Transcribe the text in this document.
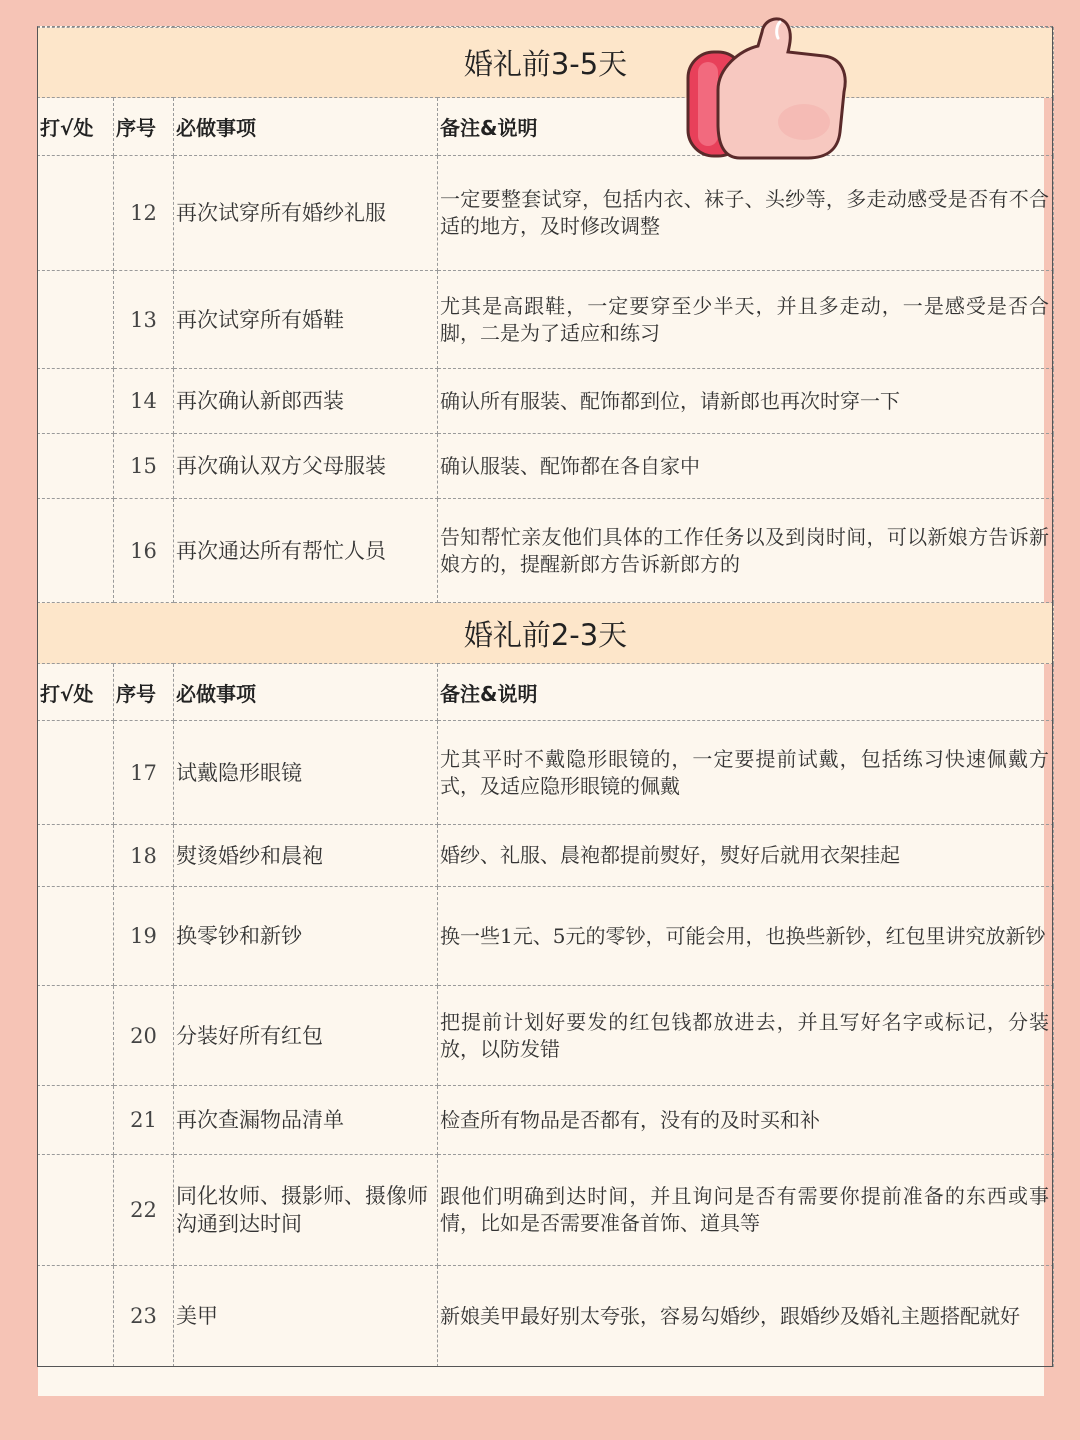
婚礼前3-5天			
打√处	序号	必做事项	备注&说明
	12	再次试穿所有婚纱礼服	一定要整套试穿，包括内衣、袜子、头纱等，多走动感受是否有不合适的地方，及时修改调整
	13	再次试穿所有婚鞋	尤其是高跟鞋，一定要穿至少半天，并且多走动，一是感受是否合脚，二是为了适应和练习
	14	再次确认新郎西装	确认所有服装、配饰都到位，请新郎也再次时穿一下
	15	再次确认双方父母服装	确认服装、配饰都在各自家中
	16	再次通达所有帮忙人员	告知帮忙亲友他们具体的工作任务以及到岗时间，可以新娘方告诉新娘方的，提醒新郎方告诉新郎方的
婚礼前2-3天			
打√处	序号	必做事项	备注&说明
	17	试戴隐形眼镜	尤其平时不戴隐形眼镜的，一定要提前试戴，包括练习快速佩戴方式，及适应隐形眼镜的佩戴
	18	熨烫婚纱和晨袍	婚纱、礼服、晨袍都提前熨好，熨好后就用衣架挂起
	19	换零钞和新钞	换一些1元、5元的零钞，可能会用，也换些新钞，红包里讲究放新钞
	20	分装好所有红包	把提前计划好要发的红包钱都放进去，并且写好名字或标记，分装放，以防发错
	21	再次查漏物品清单	检查所有物品是否都有，没有的及时买和补
	22	同化妆师、摄影师、摄像师沟通到达时间	跟他们明确到达时间，并且询问是否有需要你提前准备的东西或事情，比如是否需要准备首饰、道具等
	23	美甲	新娘美甲最好别太夸张，容易勾婚纱，跟婚纱及婚礼主题搭配就好
